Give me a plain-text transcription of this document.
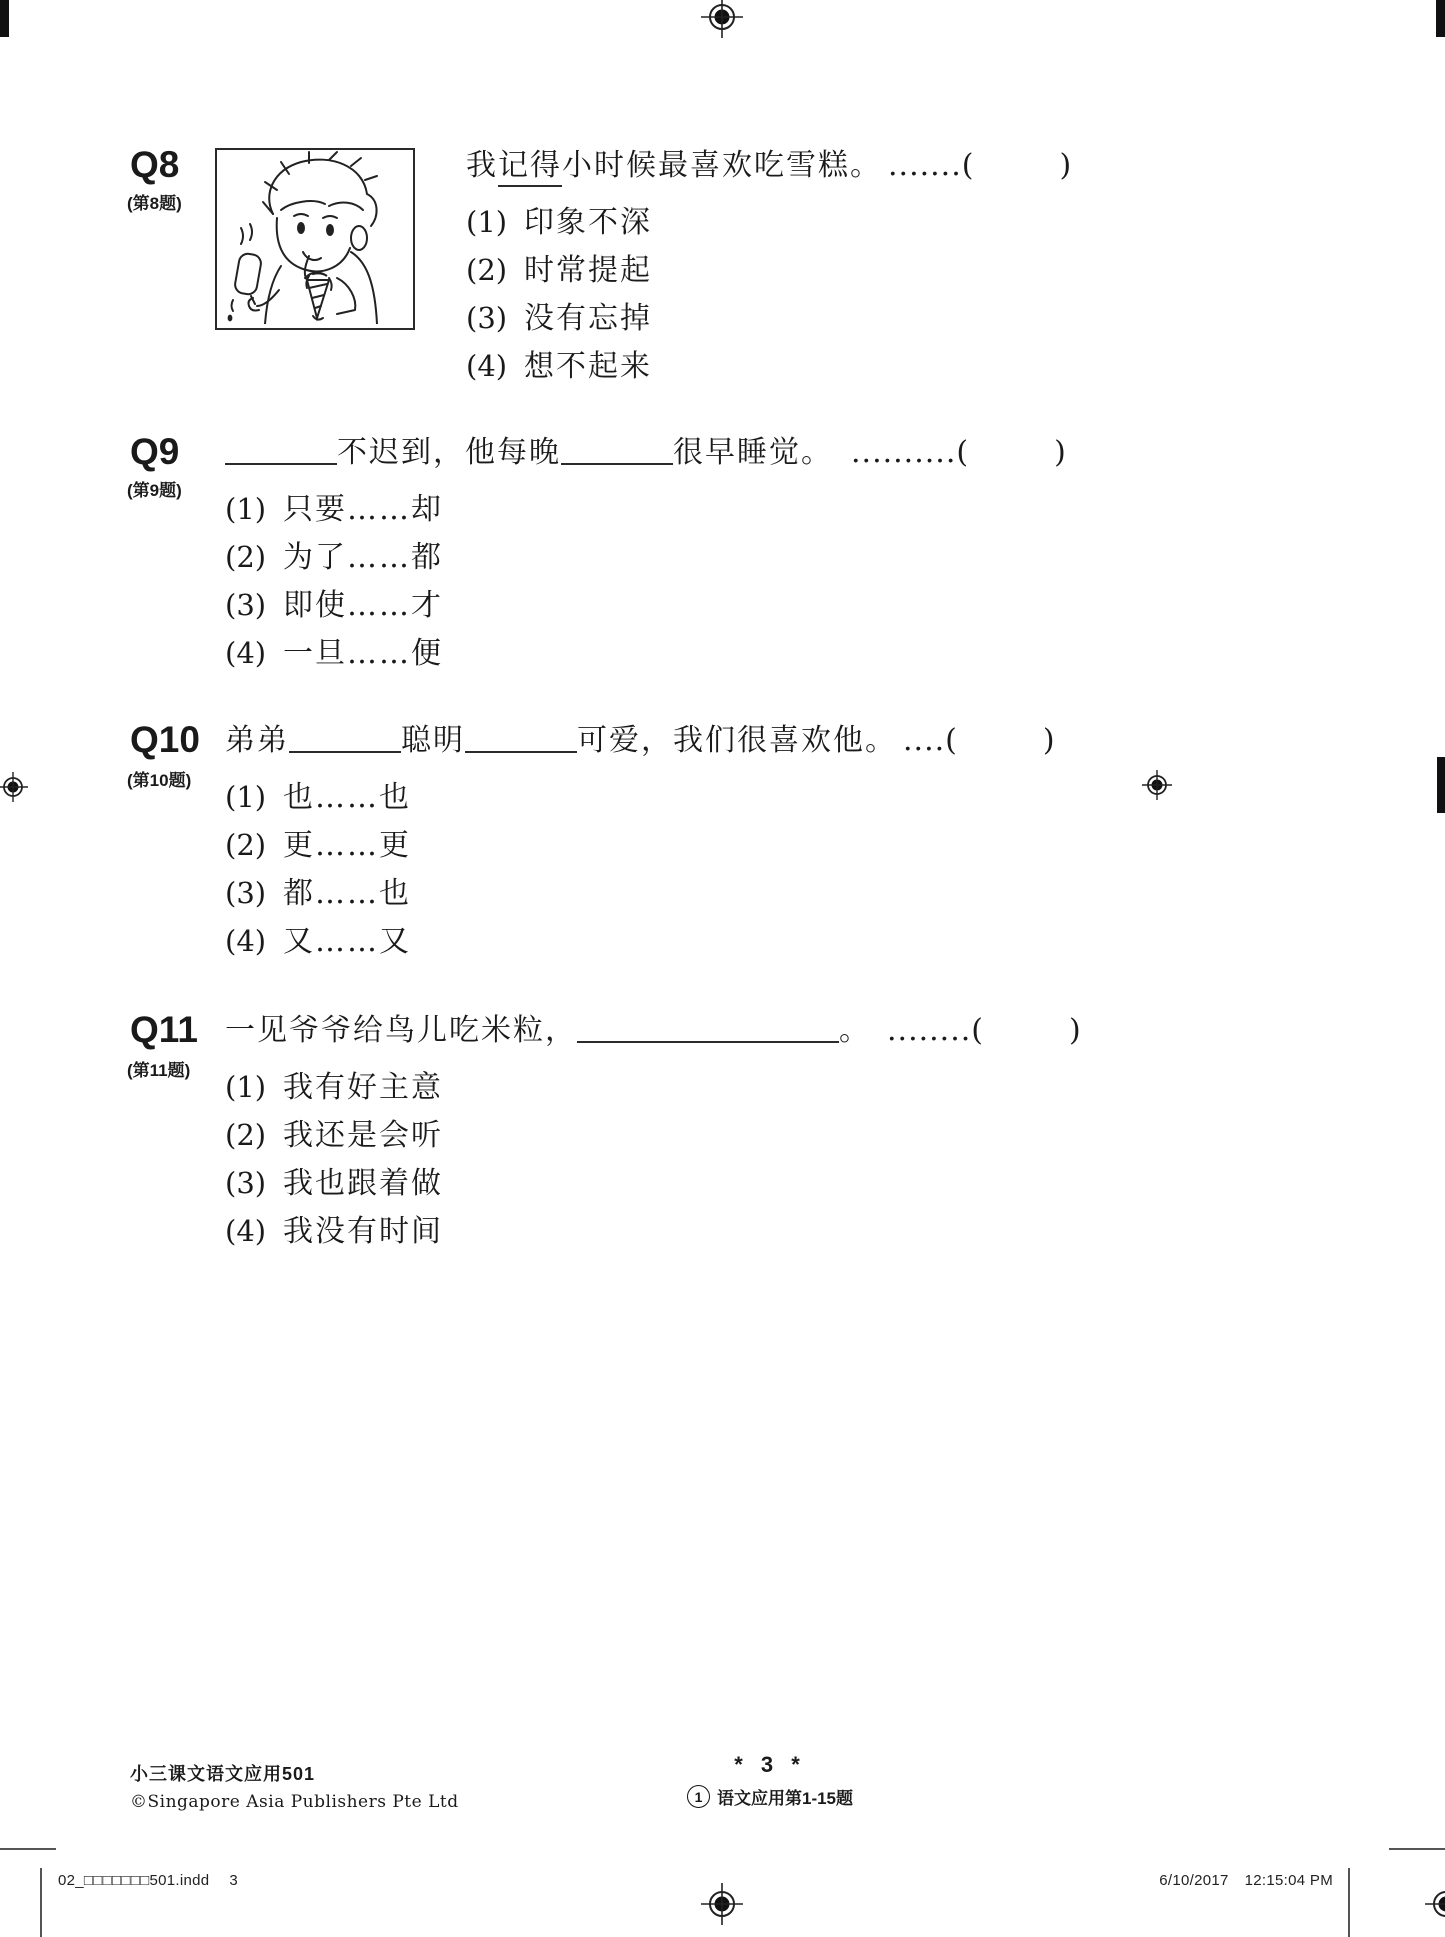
Q8
(第8题)
我记得小时候最喜欢吃雪糕。 .......(	)
(1) 印象不深
(2) 时常提起
(3) 没有忘掉
(4) 想不起来
Q9
(第9题)
不迟到，他每晚	很早睡觉。 ..........(	)
(1) 只要……却
(2) 为了……都
(3) 即使……才
(4) 一旦……便
Q10
(第10题)
弟弟	聪明	可爱，我们很喜欢他。 ....(	)
(1) 也……也
(2) 更……更
(3) 都……也
(4) 又……又
Q11
(第11题)
一见爷爷给鸟儿吃米粒，	。 ........(	)
(1) 我有好主意
(2) 我还是会听
(3) 我也跟着做
(4) 我没有时间
小三课文语文应用501
©Singapore Asia Publishers Pte Ltd
* 3 *
1 语文应用第1-15题
02_□□□□□□□501.indd 3	6/10/2017 12:15:04 PM
